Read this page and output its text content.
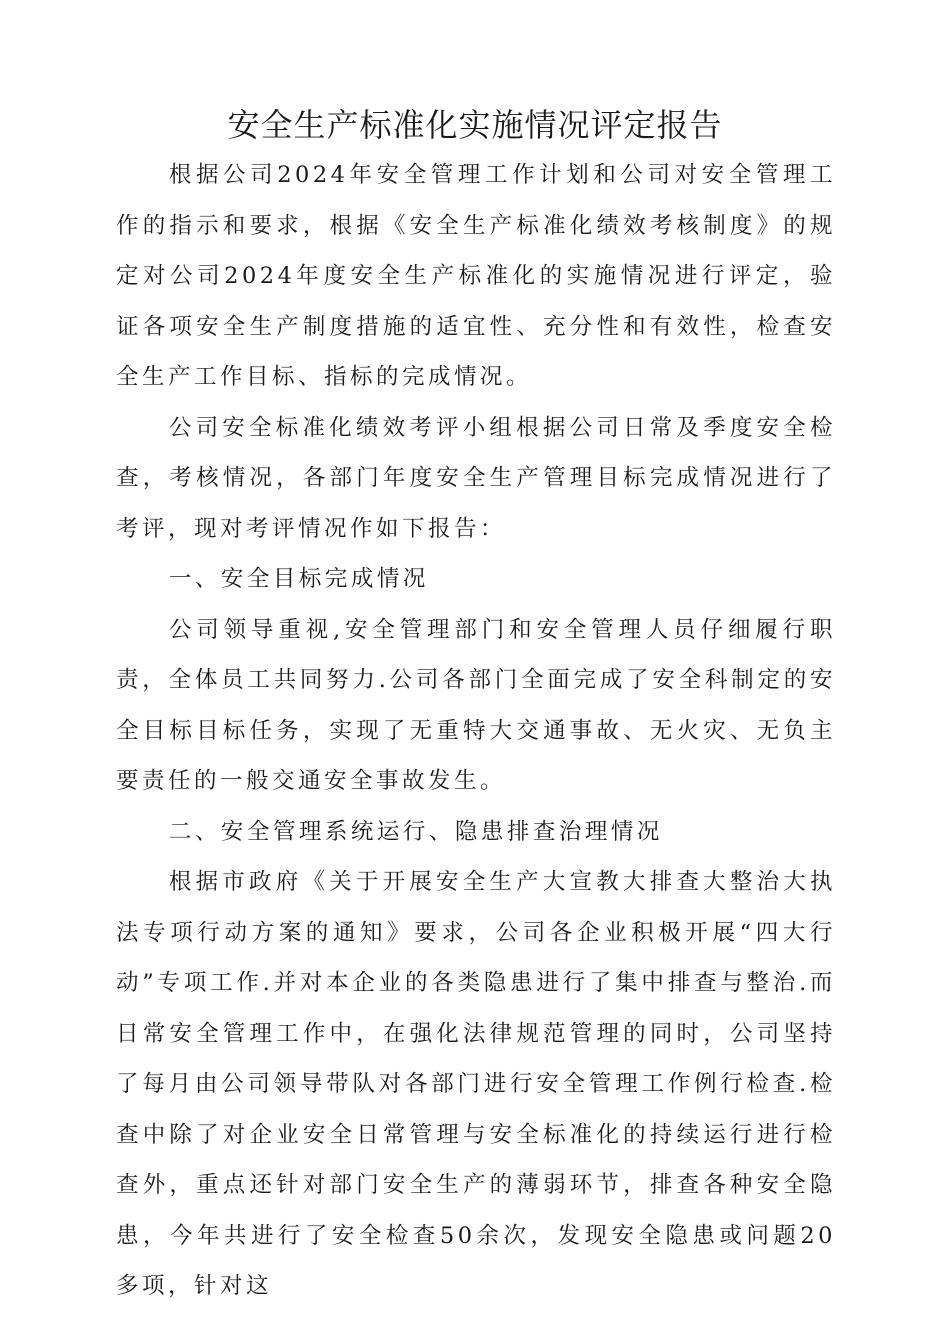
安全生产标准化实施情况评定报告

根据公司2024年安全管理工作计划和公司对安全管理工作的指示和要求，根据《安全生产标准化绩效考核制度》的规定对公司2024年度安全生产标准化的实施情况进行评定，验证各项安全生产制度措施的适宜性、充分性和有效性，检查安全生产工作目标、指标的完成情况。

公司安全标准化绩效考评小组根据公司日常及季度安全检查，考核情况，各部门年度安全生产管理目标完成情况进行了考评，现对考评情况作如下报告：

一、安全目标完成情况

公司领导重视,安全管理部门和安全管理人员仔细履行职责，全体员工共同努力.公司各部门全面完成了安全科制定的安全目标目标任务，实现了无重特大交通事故、无火灾、无负主要责任的一般交通安全事故发生。

二、安全管理系统运行、隐患排查治理情况

根据市政府《关于开展安全生产大宣教大排查大整治大执法专项行动方案的通知》要求，公司各企业积极开展“四大行动”专项工作.并对本企业的各类隐患进行了集中排查与整治.而日常安全管理工作中，在强化法律规范管理的同时，公司坚持了每月由公司领导带队对各部门进行安全管理工作例行检查.检查中除了对企业安全日常管理与安全标准化的持续运行进行检查外，重点还针对部门安全生产的薄弱环节，排查各种安全隐患，今年共进行了安全检查50余次，发现安全隐患或问题20多项，针对这
